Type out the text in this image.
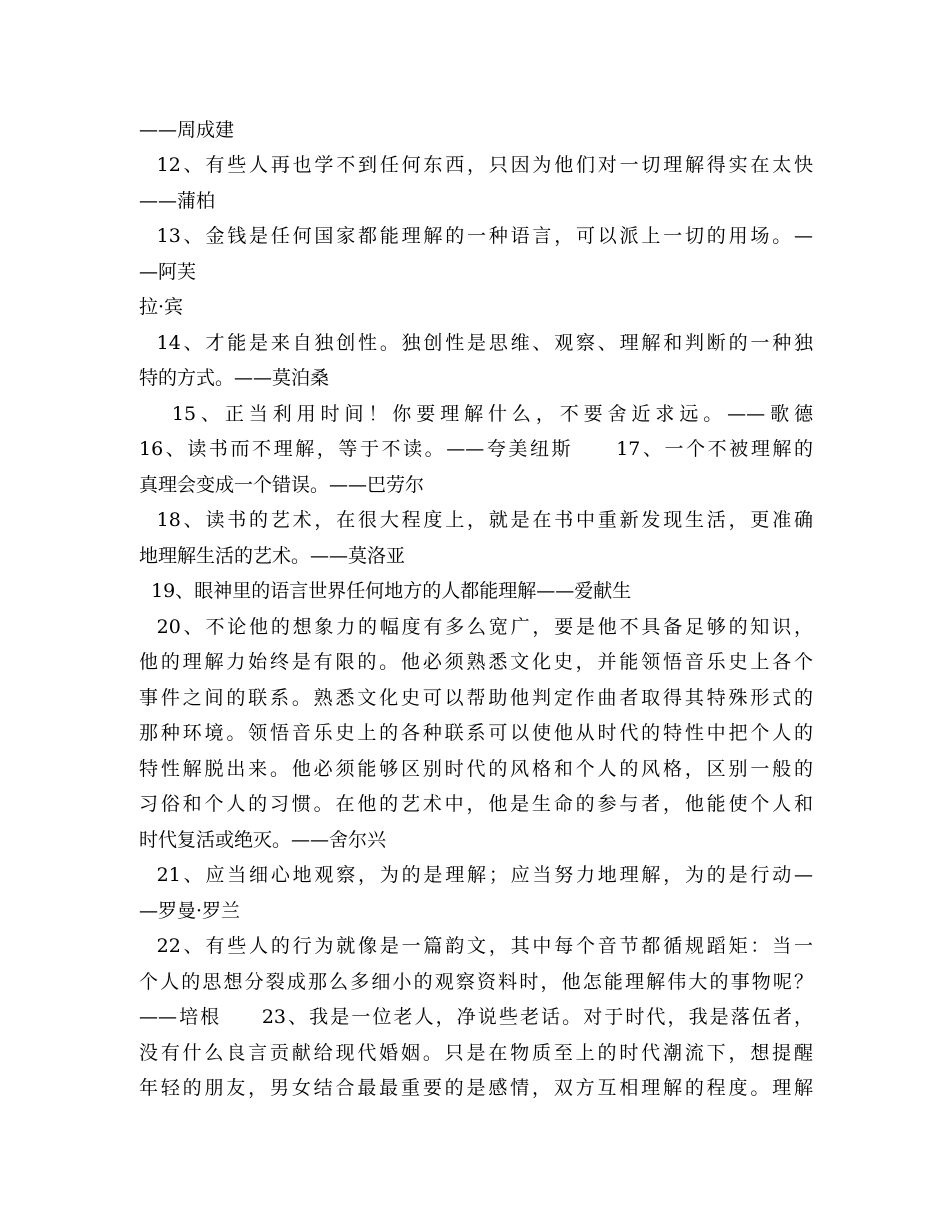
——周成建
12、有些人再也学不到任何东西，只因为他们对一切理解得实在太快
——蒲柏
13、金钱是任何国家都能理解的一种语言，可以派上一切的用场。—
—阿芙
拉·宾
14、才能是来自独创性。独创性是思维、观察、理解和判断的一种独
特的方式。——莫泊桑
15、正当利用时间！你要理解什么，不要舍近求远。——歌德
16、读书而不理解，等于不读。——夸美纽斯     17、一个不被理解的
真理会变成一个错误。——巴劳尔
18、读书的艺术，在很大程度上，就是在书中重新发现生活，更准确
地理解生活的艺术。——莫洛亚
19、眼神里的语言世界任何地方的人都能理解——爱献生
20、不论他的想象力的幅度有多么宽广，要是他不具备足够的知识，
他的理解力始终是有限的。他必须熟悉文化史，并能领悟音乐史上各个
事件之间的联系。熟悉文化史可以帮助他判定作曲者取得其特殊形式的
那种环境。领悟音乐史上的各种联系可以使他从时代的特性中把个人的
特性解脱出来。他必须能够区别时代的风格和个人的风格，区别一般的
习俗和个人的习惯。在他的艺术中，他是生命的参与者，他能使个人和
时代复活或绝灭。——舍尔兴
21、应当细心地观察，为的是理解；应当努力地理解，为的是行动—
—罗曼·罗兰
22、有些人的行为就像是一篇韵文，其中每个音节都循规蹈矩：当一
个人的思想分裂成那么多细小的观察资料时，他怎能理解伟大的事物呢？
——培根     23、我是一位老人，净说些老话。对于时代，我是落伍者，
没有什么良言贡献给现代婚姻。只是在物质至上的时代潮流下，想提醒
年轻的朋友，男女结合最最重要的是感情，双方互相理解的程度。理解
